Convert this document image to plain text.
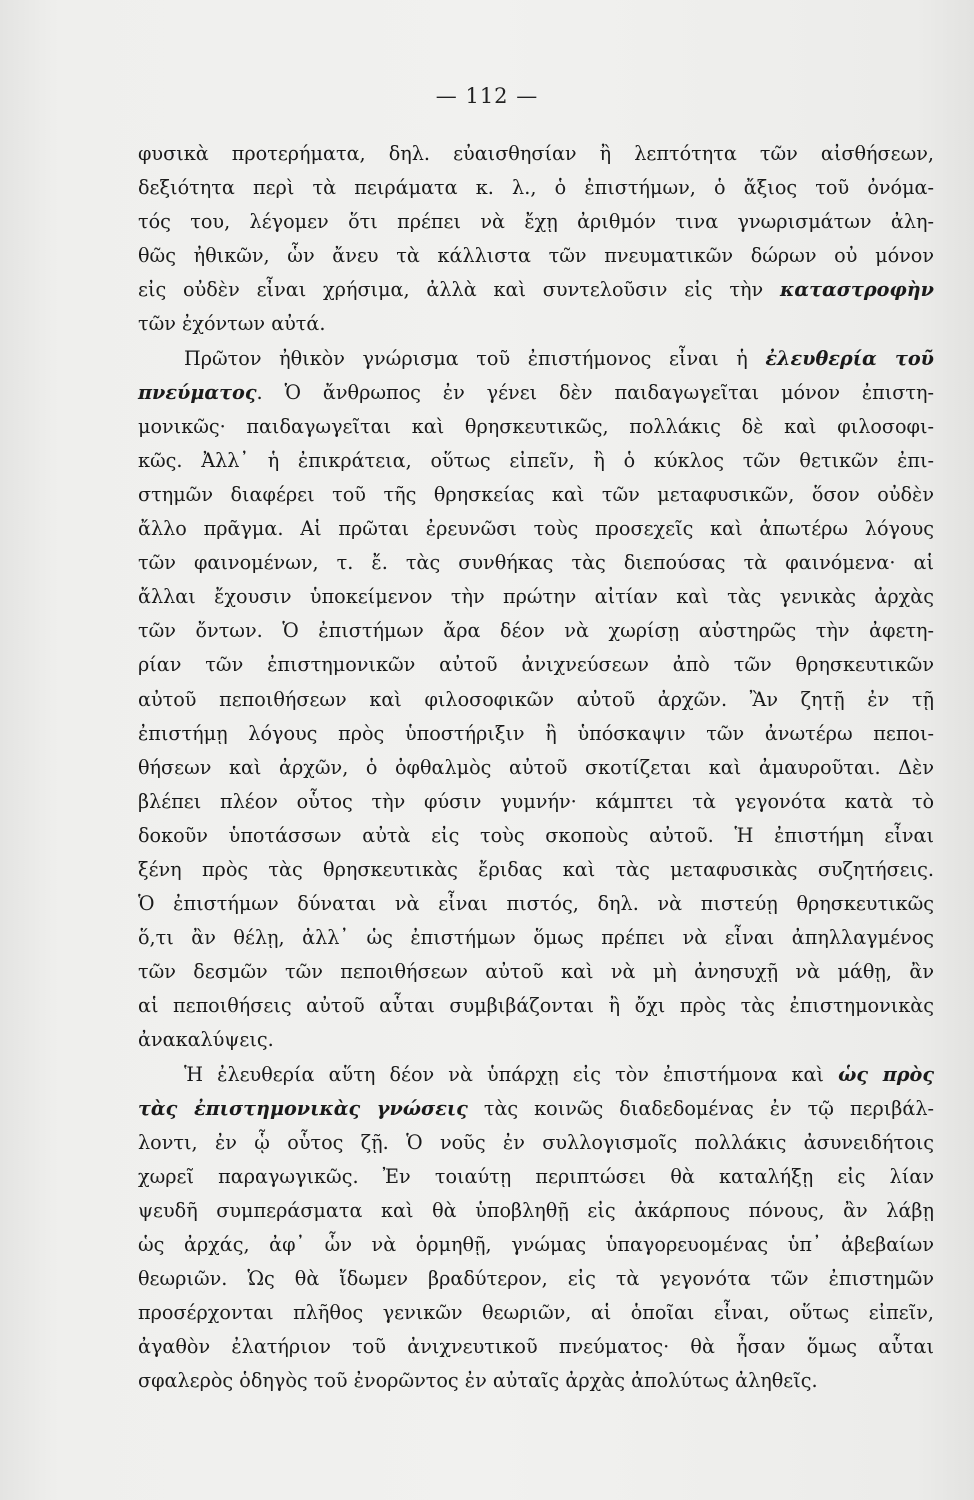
— 112 —
φυσικὰ προτερήματα, δηλ. εὐαισθησίαν ἢ λεπτότητα τῶν αἰσθήσεων,
δεξιότητα περὶ τὰ πειράματα κ. λ., ὁ ἐπιστήμων, ὁ ἄξιος τοῦ ὀνόμα-
τός του, λέγομεν ὅτι πρέπει νὰ ἔχῃ ἀριθμόν τινα γνωρισμάτων ἀλη-
θῶς ἠθικῶν, ὧν ἄνευ τὰ κάλλιστα τῶν πνευματικῶν δώρων οὐ μόνον
εἰς οὐδὲν εἶναι χρήσιμα, ἀλλὰ καὶ συντελοῦσιν εἰς τὴν καταστροφὴν
τῶν ἐχόντων αὐτά.
Πρῶτον ἠθικὸν γνώρισμα τοῦ ἐπιστήμονος εἶναι ἡ ἐλευθερία τοῦ
πνεύματος. Ὁ ἄνθρωπος ἐν γένει δὲν παιδαγωγεῖται μόνον ἐπιστη-
μονικῶς· παιδαγωγεῖται καὶ θρησκευτικῶς, πολλάκις δὲ καὶ φιλοσοφι-
κῶς. Ἀλλ᾽ ἡ ἐπικράτεια, οὕτως εἰπεῖν, ἢ ὁ κύκλος τῶν θετικῶν ἐπι-
στημῶν διαφέρει τοῦ τῆς θρησκείας καὶ τῶν μεταφυσικῶν, ὅσον οὐδὲν
ἄλλο πρᾶγμα. Αἱ πρῶται ἐρευνῶσι τοὺς προσεχεῖς καὶ ἀπωτέρω λόγους
τῶν φαινομένων, τ. ἔ. τὰς συνθήκας τὰς διεπούσας τὰ φαινόμενα· αἱ
ἄλλαι ἔχουσιν ὑποκείμενον τὴν πρώτην αἰτίαν καὶ τὰς γενικὰς ἀρχὰς
τῶν ὄντων. Ὁ ἐπιστήμων ἄρα δέον νὰ χωρίσῃ αὐστηρῶς τὴν ἀφετη-
ρίαν τῶν ἐπιστημονικῶν αὐτοῦ ἀνιχνεύσεων ἀπὸ τῶν θρησκευτικῶν
αὐτοῦ πεποιθήσεων καὶ φιλοσοφικῶν αὐτοῦ ἀρχῶν. Ἂν ζητῇ ἐν τῇ
ἐπιστήμῃ λόγους πρὸς ὑποστήριξιν ἢ ὑπόσκαψιν τῶν ἀνωτέρω πεποι-
θήσεων καὶ ἀρχῶν, ὁ ὀφθαλμὸς αὐτοῦ σκοτίζεται καὶ ἀμαυροῦται. Δὲν
βλέπει πλέον οὗτος τὴν φύσιν γυμνήν· κάμπτει τὰ γεγονότα κατὰ τὸ
δοκοῦν ὑποτάσσων αὐτὰ εἰς τοὺς σκοποὺς αὐτοῦ. Ἡ ἐπιστήμη εἶναι
ξένη πρὸς τὰς θρησκευτικὰς ἔριδας καὶ τὰς μεταφυσικὰς συζητήσεις.
Ὁ ἐπιστήμων δύναται νὰ εἶναι πιστός, δηλ. νὰ πιστεύῃ θρησκευτικῶς
ὅ,τι ἂν θέλῃ, ἀλλ᾽ ὡς ἐπιστήμων ὅμως πρέπει νὰ εἶναι ἀπηλλαγμένος
τῶν δεσμῶν τῶν πεποιθήσεων αὐτοῦ καὶ νὰ μὴ ἀνησυχῇ νὰ μάθῃ, ἂν
αἱ πεποιθήσεις αὐτοῦ αὗται συμβιβάζονται ἢ ὄχι πρὸς τὰς ἐπιστημονικὰς
ἀνακαλύψεις.
Ἡ ἐλευθερία αὕτη δέον νὰ ὑπάρχῃ εἰς τὸν ἐπιστήμονα καὶ ὡς πρὸς
τὰς ἐπιστημονικὰς γνώσεις τὰς κοινῶς διαδεδομένας ἐν τῷ περιβάλ-
λοντι, ἐν ᾧ οὗτος ζῇ. Ὁ νοῦς ἐν συλλογισμοῖς πολλάκις ἀσυνειδήτοις
χωρεῖ παραγωγικῶς. Ἐν τοιαύτῃ περιπτώσει θὰ καταλήξῃ εἰς λίαν
ψευδῆ συμπεράσματα καὶ θὰ ὑποβληθῇ εἰς ἀκάρπους πόνους, ἂν λάβῃ
ὡς ἀρχάς, ἀφ᾽ ὧν νὰ ὁρμηθῇ, γνώμας ὑπαγορευομένας ὑπ᾽ ἀβεβαίων
θεωριῶν. Ὡς θὰ ἴδωμεν βραδύτερον, εἰς τὰ γεγονότα τῶν ἐπιστημῶν
προσέρχονται πλῆθος γενικῶν θεωριῶν, αἱ ὁποῖαι εἶναι, οὕτως εἰπεῖν,
ἀγαθὸν ἐλατήριον τοῦ ἀνιχνευτικοῦ πνεύματος· θὰ ἦσαν ὅμως αὗται
σφαλερὸς ὁδηγὸς τοῦ ἐνορῶντος ἐν αὐταῖς ἀρχὰς ἀπολύτως ἀληθεῖς.
